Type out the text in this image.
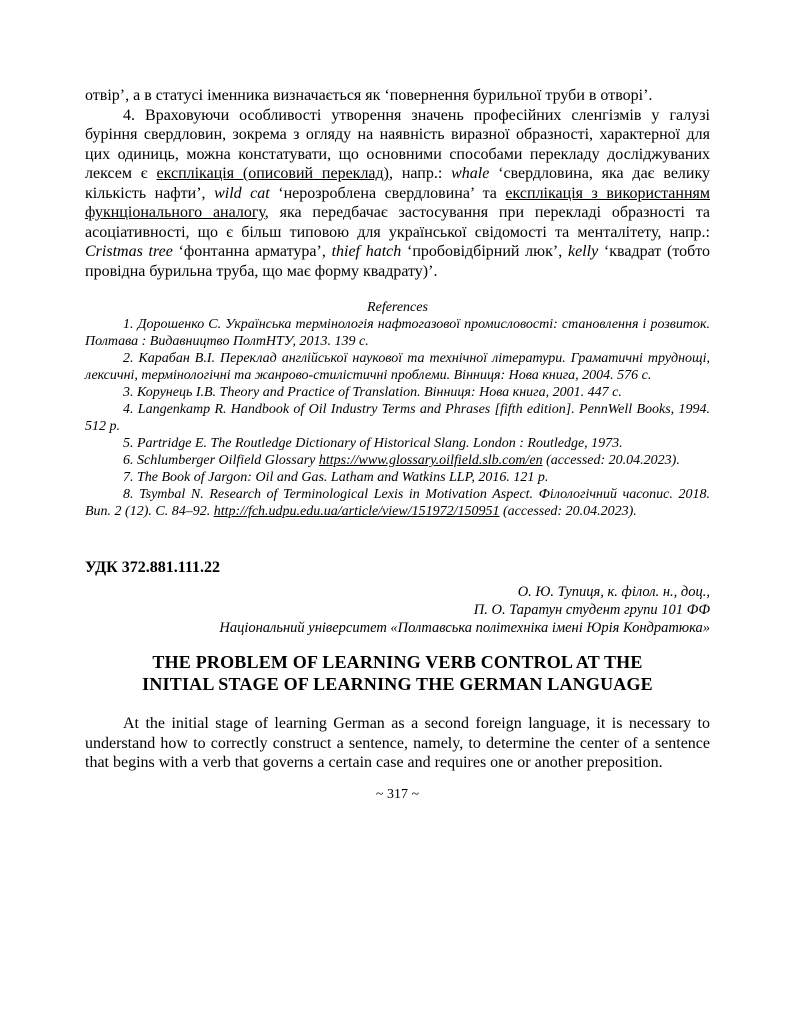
отвір’, а в статусі іменника визначається як ‘повернення бурильної труби в отворі’.

4. Враховуючи особливості утворення значень професійних сленгізмів у галузі буріння свердловин, зокрема з огляду на наявність виразної образності, характерної для цих одиниць, можна констатувати, що основними способами перекладу досліджуваних лексем є експлікація (описовий переклад), напр.: whale ‘свердловина, яка дає велику кількість нафти’, wild cat ‘нерозроблена свердловина’ та експлікація з використанням фукнціонального аналогу, яка передбачає застосування при перекладі образності та асоціативності, що є більш типовою для української свідомості та менталітету, напр.: Cristmas tree ‘фонтанна арматура’, thief hatch ‘пробовідбірний люк’, kelly ‘квадрат (тобто провідна бурильна труба, що має форму квадрату)’.

References

1. Дорошенко С. Українська термінологія нафтогазової промисловості: становлення і розвиток. Полтава : Видавництво ПолтНТУ, 2013. 139 с.

2. Карабан В.І. Переклад англійської наукової та технічної літератури. Граматичні труднощі, лексичні, термінологічні та жанрово-стилістичні проблеми. Вінниця: Нова книга, 2004. 576 с.

3. Корунець І.В. Theory and Practice of Translation. Вінниця: Нова книга, 2001. 447 с.

4. Langenkamp R. Handbook of Oil Industry Terms and Phrases [fifth edition]. PennWell Books, 1994. 512 p.

5. Partridge E. The Routledge Dictionary of Historical Slang. London : Routledge, 1973.

6. Schlumberger Oilfield Glossary https://www.glossary.oilfield.slb.com/en (accessed: 20.04.2023).

7. The Book of Jargon: Oil and Gas. Latham and Watkins LLP, 2016. 121 p.

8. Tsymbal N. Research of Terminological Lexis in Motivation Aspect. Філологічний часопис. 2018. Вип. 2 (12). С. 84–92. http://fch.udpu.edu.ua/article/view/151972/150951 (accessed: 20.04.2023).

УДК 372.881.111.22

О. Ю. Тупиця, к. філол. н., доц.,

П. О. Таратун студент групи 101 ФФ

Національний університет «Полтавська політехніка імені Юрія Кондратюка»

THE PROBLEM OF LEARNING VERB CONTROL AT THE
INITIAL STAGE OF LEARNING THE GERMAN LANGUAGE

At the initial stage of learning German as a second foreign language, it is necessary to understand how to correctly construct a sentence, namely, to determine the center of a sentence that begins with a verb that governs a certain case and requires one or another preposition.

~ 317 ~
